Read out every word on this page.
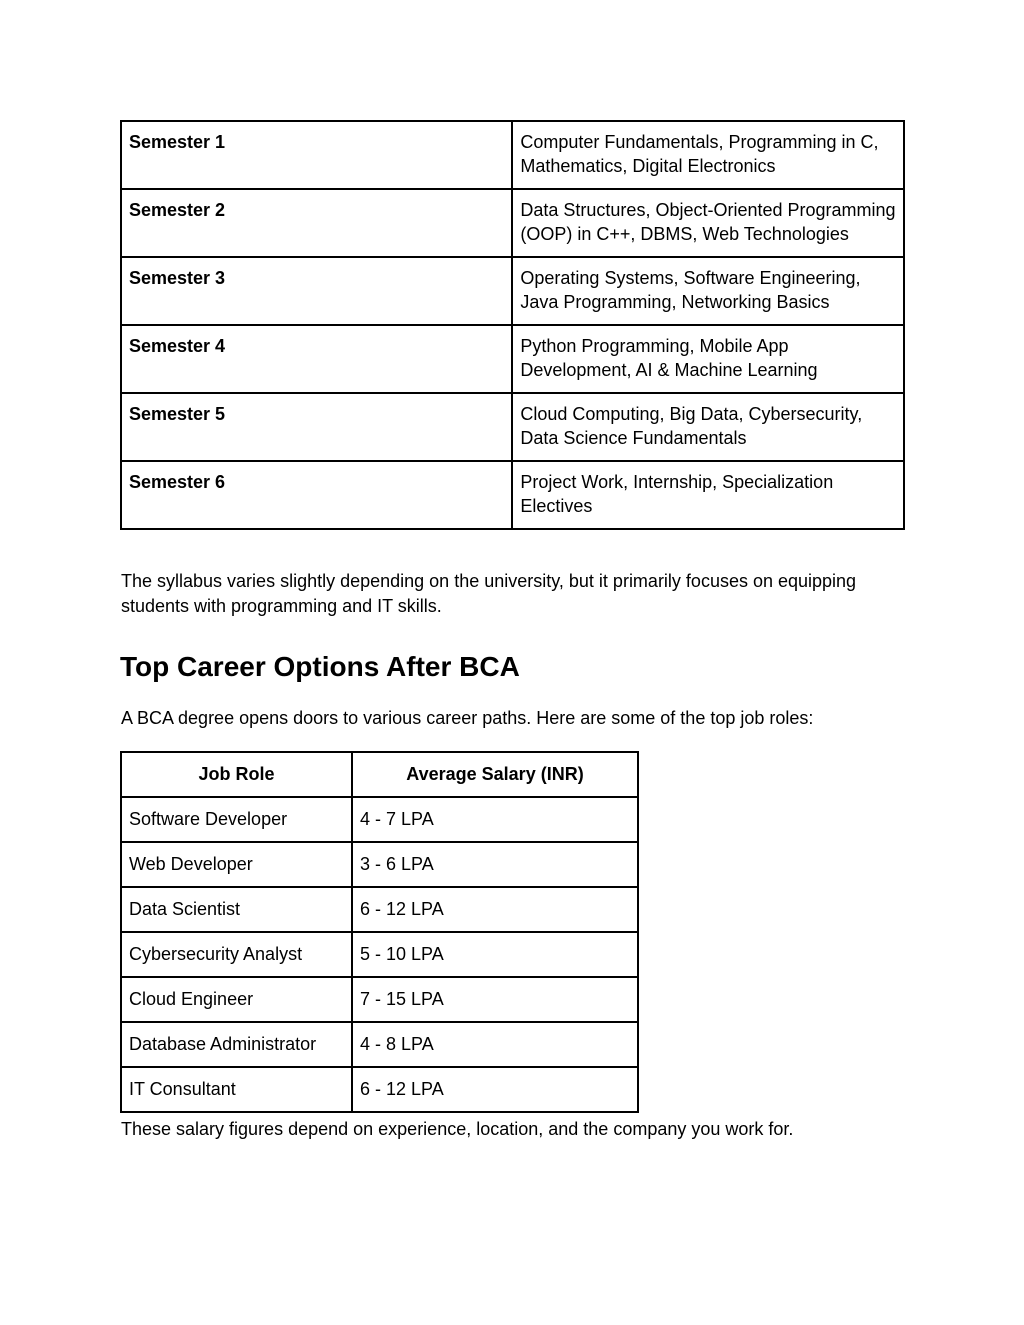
Semester 1	Computer Fundamentals, Programming in C, Mathematics, Digital Electronics
Semester 2	Data Structures, Object-Oriented Programming (OOP) in C++, DBMS, Web Technologies
Semester 3	Operating Systems, Software Engineering, Java Programming, Networking Basics
Semester 4	Python Programming, Mobile App Development, AI & Machine Learning
Semester 5	Cloud Computing, Big Data, Cybersecurity, Data Science Fundamentals
Semester 6	Project Work, Internship, Specialization Electives

The syllabus varies slightly depending on the university, but it primarily focuses on equipping students with programming and IT skills.

Top Career Options After BCA

A BCA degree opens doors to various career paths. Here are some of the top job roles:

Job Role	Average Salary (INR)
Software Developer	4 - 7 LPA
Web Developer	3 - 6 LPA
Data Scientist	6 - 12 LPA
Cybersecurity Analyst	5 - 10 LPA
Cloud Engineer	7 - 15 LPA
Database Administrator	4 - 8 LPA
IT Consultant	6 - 12 LPA

These salary figures depend on experience, location, and the company you work for.
